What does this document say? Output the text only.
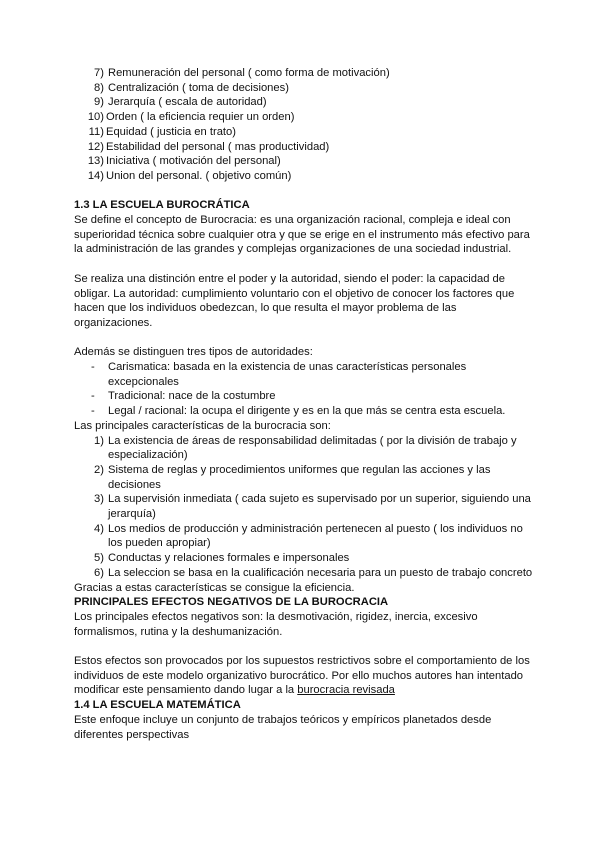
7) Remuneración del personal ( como forma de motivación)
8) Centralización ( toma de decisiones)
9) Jerarquía ( escala de autoridad)
10) Orden ( la eficiencia requier un orden)
11) Equidad ( justicia en trato)
12) Estabilidad del personal ( mas productividad)
13) Iniciativa ( motivación del personal)
14) Union del personal. ( objetivo común)

1.3 LA ESCUELA BUROCRÁTICA

Se define el concepto de Burocracia: es una organización racional, compleja e ideal con superioridad técnica sobre cualquier otra y que se erige en el instrumento más efectivo para la administración de las grandes y complejas organizaciones de una sociedad industrial.

Se realiza una distinción entre el poder y la autoridad, siendo el poder: la capacidad de obligar. La autoridad: cumplimiento voluntario con el objetivo de conocer los factores que hacen que los individuos obedezcan, lo que resulta el mayor problema de las organizaciones.

Además se distinguen tres tipos de autoridades:

-	Carismatica: basada en la existencia de unas características personales excepcionales
-	Tradicional: nace de la costumbre
-	Legal / racional: la ocupa el dirigente y es en la que más se centra esta escuela.

Las principales características de la burocracia son:

1) La existencia de áreas de responsabilidad delimitadas ( por la división de trabajo y especialización)
2) Sistema de reglas y procedimientos uniformes que regulan las acciones y las decisiones
3) La supervisión inmediata ( cada sujeto es supervisado por un superior, siguiendo una jerarquía)
4) Los medios de producción y administración pertenecen al puesto ( los individuos no los pueden apropiar)
5) Conductas y relaciones formales e impersonales
6) La seleccion se basa en la cualificación necesaria para un puesto de trabajo concreto

Gracias a estas características se consigue la eficiencia.

PRINCIPALES EFECTOS NEGATIVOS DE LA BUROCRACIA

Los principales efectos negativos son: la desmotivación, rigidez, inercia, excesivo formalismos, rutina y la deshumanización.

Estos efectos son provocados por los supuestos restrictivos sobre el comportamiento de los individuos de este modelo organizativo burocrático. Por ello muchos autores han intentado modificar este pensamiento dando lugar a la burocracia revisada

1.4 LA ESCUELA MATEMÁTICA

Este enfoque incluye un conjunto de trabajos teóricos y empíricos planetados desde diferentes perspectivas
